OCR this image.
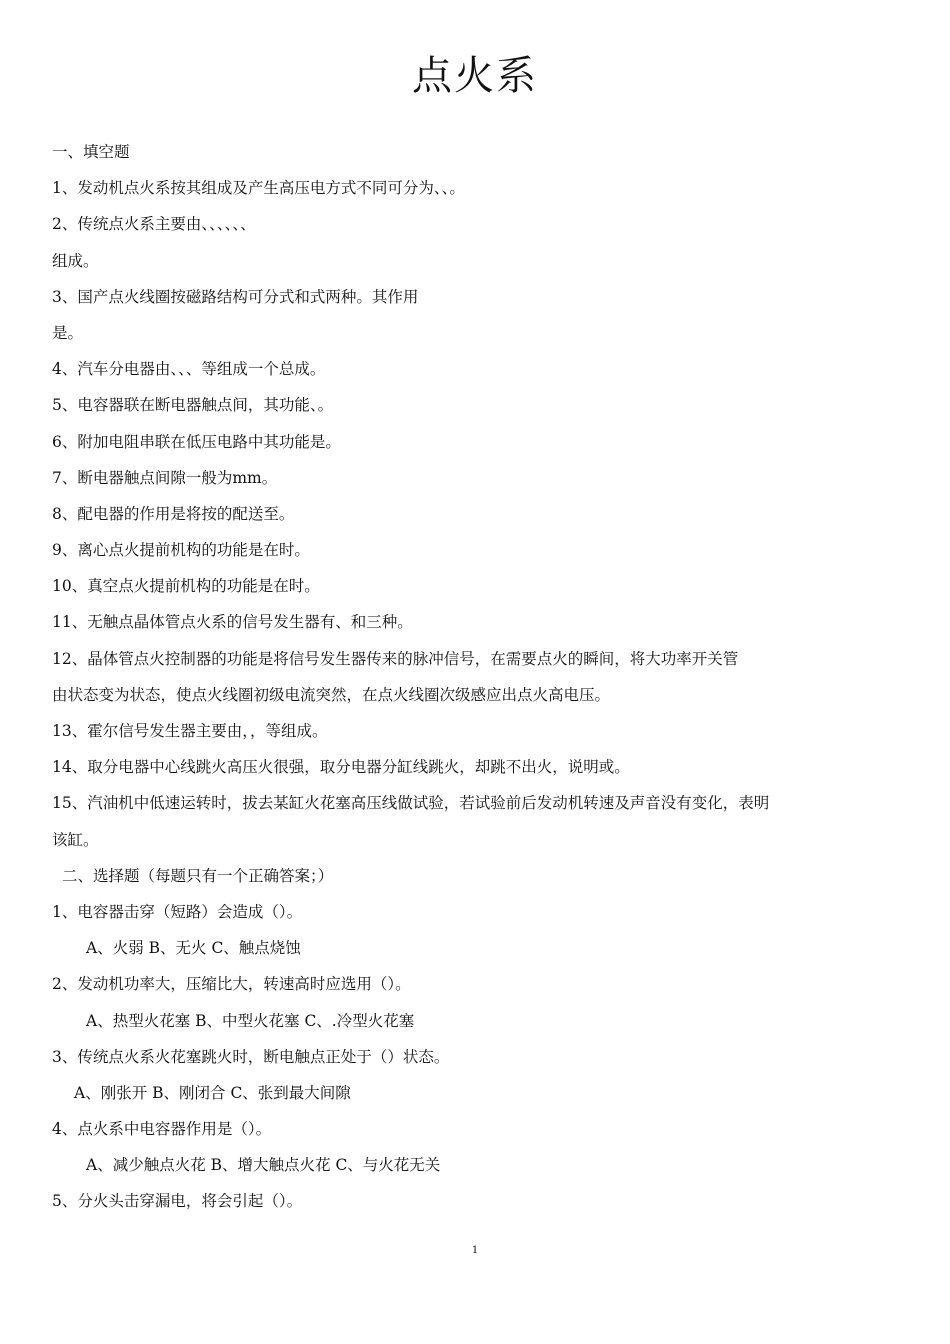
点火系
一、填空题
1、发动机点火系按其组成及产生高压电方式不同可分为、、。
2、传统点火系主要由、、、、、、
组成。
3、国产点火线圈按磁路结构可分式和式两种。其作用
是。
4、汽车分电器由、、、等组成一个总成。
5、电容器联在断电器触点间，其功能、。
6、附加电阻串联在低压电路中其功能是。
7、断电器触点间隙一般为mm。
8、配电器的作用是将按的配送至。
9、离心点火提前机构的功能是在时。
10、真空点火提前机构的功能是在时。
11、无触点晶体管点火系的信号发生器有、和三种。
12、晶体管点火控制器的功能是将信号发生器传来的脉冲信号，在需要点火的瞬间，将大功率开关管
由状态变为状态，使点火线圈初级电流突然，在点火线圈次级感应出点火高电压。
13、霍尔信号发生器主要由，，等组成。
14、取分电器中心线跳火高压火很强，取分电器分缸线跳火，却跳不出火，说明或。
15、汽油机中低速运转时，拔去某缸火花塞高压线做试验，若试验前后发动机转速及声音没有变化，表明
该缸。
二、选择题（每题只有一个正确答案；）
1、电容器击穿（短路）会造成（）。
A、火弱 B、无火 C、触点烧蚀
2、发动机功率大，压缩比大，转速高时应选用（）。
A、热型火花塞 B、中型火花塞 C、.冷型火花塞
3、传统点火系火花塞跳火时，断电触点正处于（）状态。
A、刚张开 B、刚闭合 C、张到最大间隙
4、点火系中电容器作用是（）。
A、减少触点火花 B、增大触点火花 C、与火花无关
5、分火头击穿漏电，将会引起（）。
1
